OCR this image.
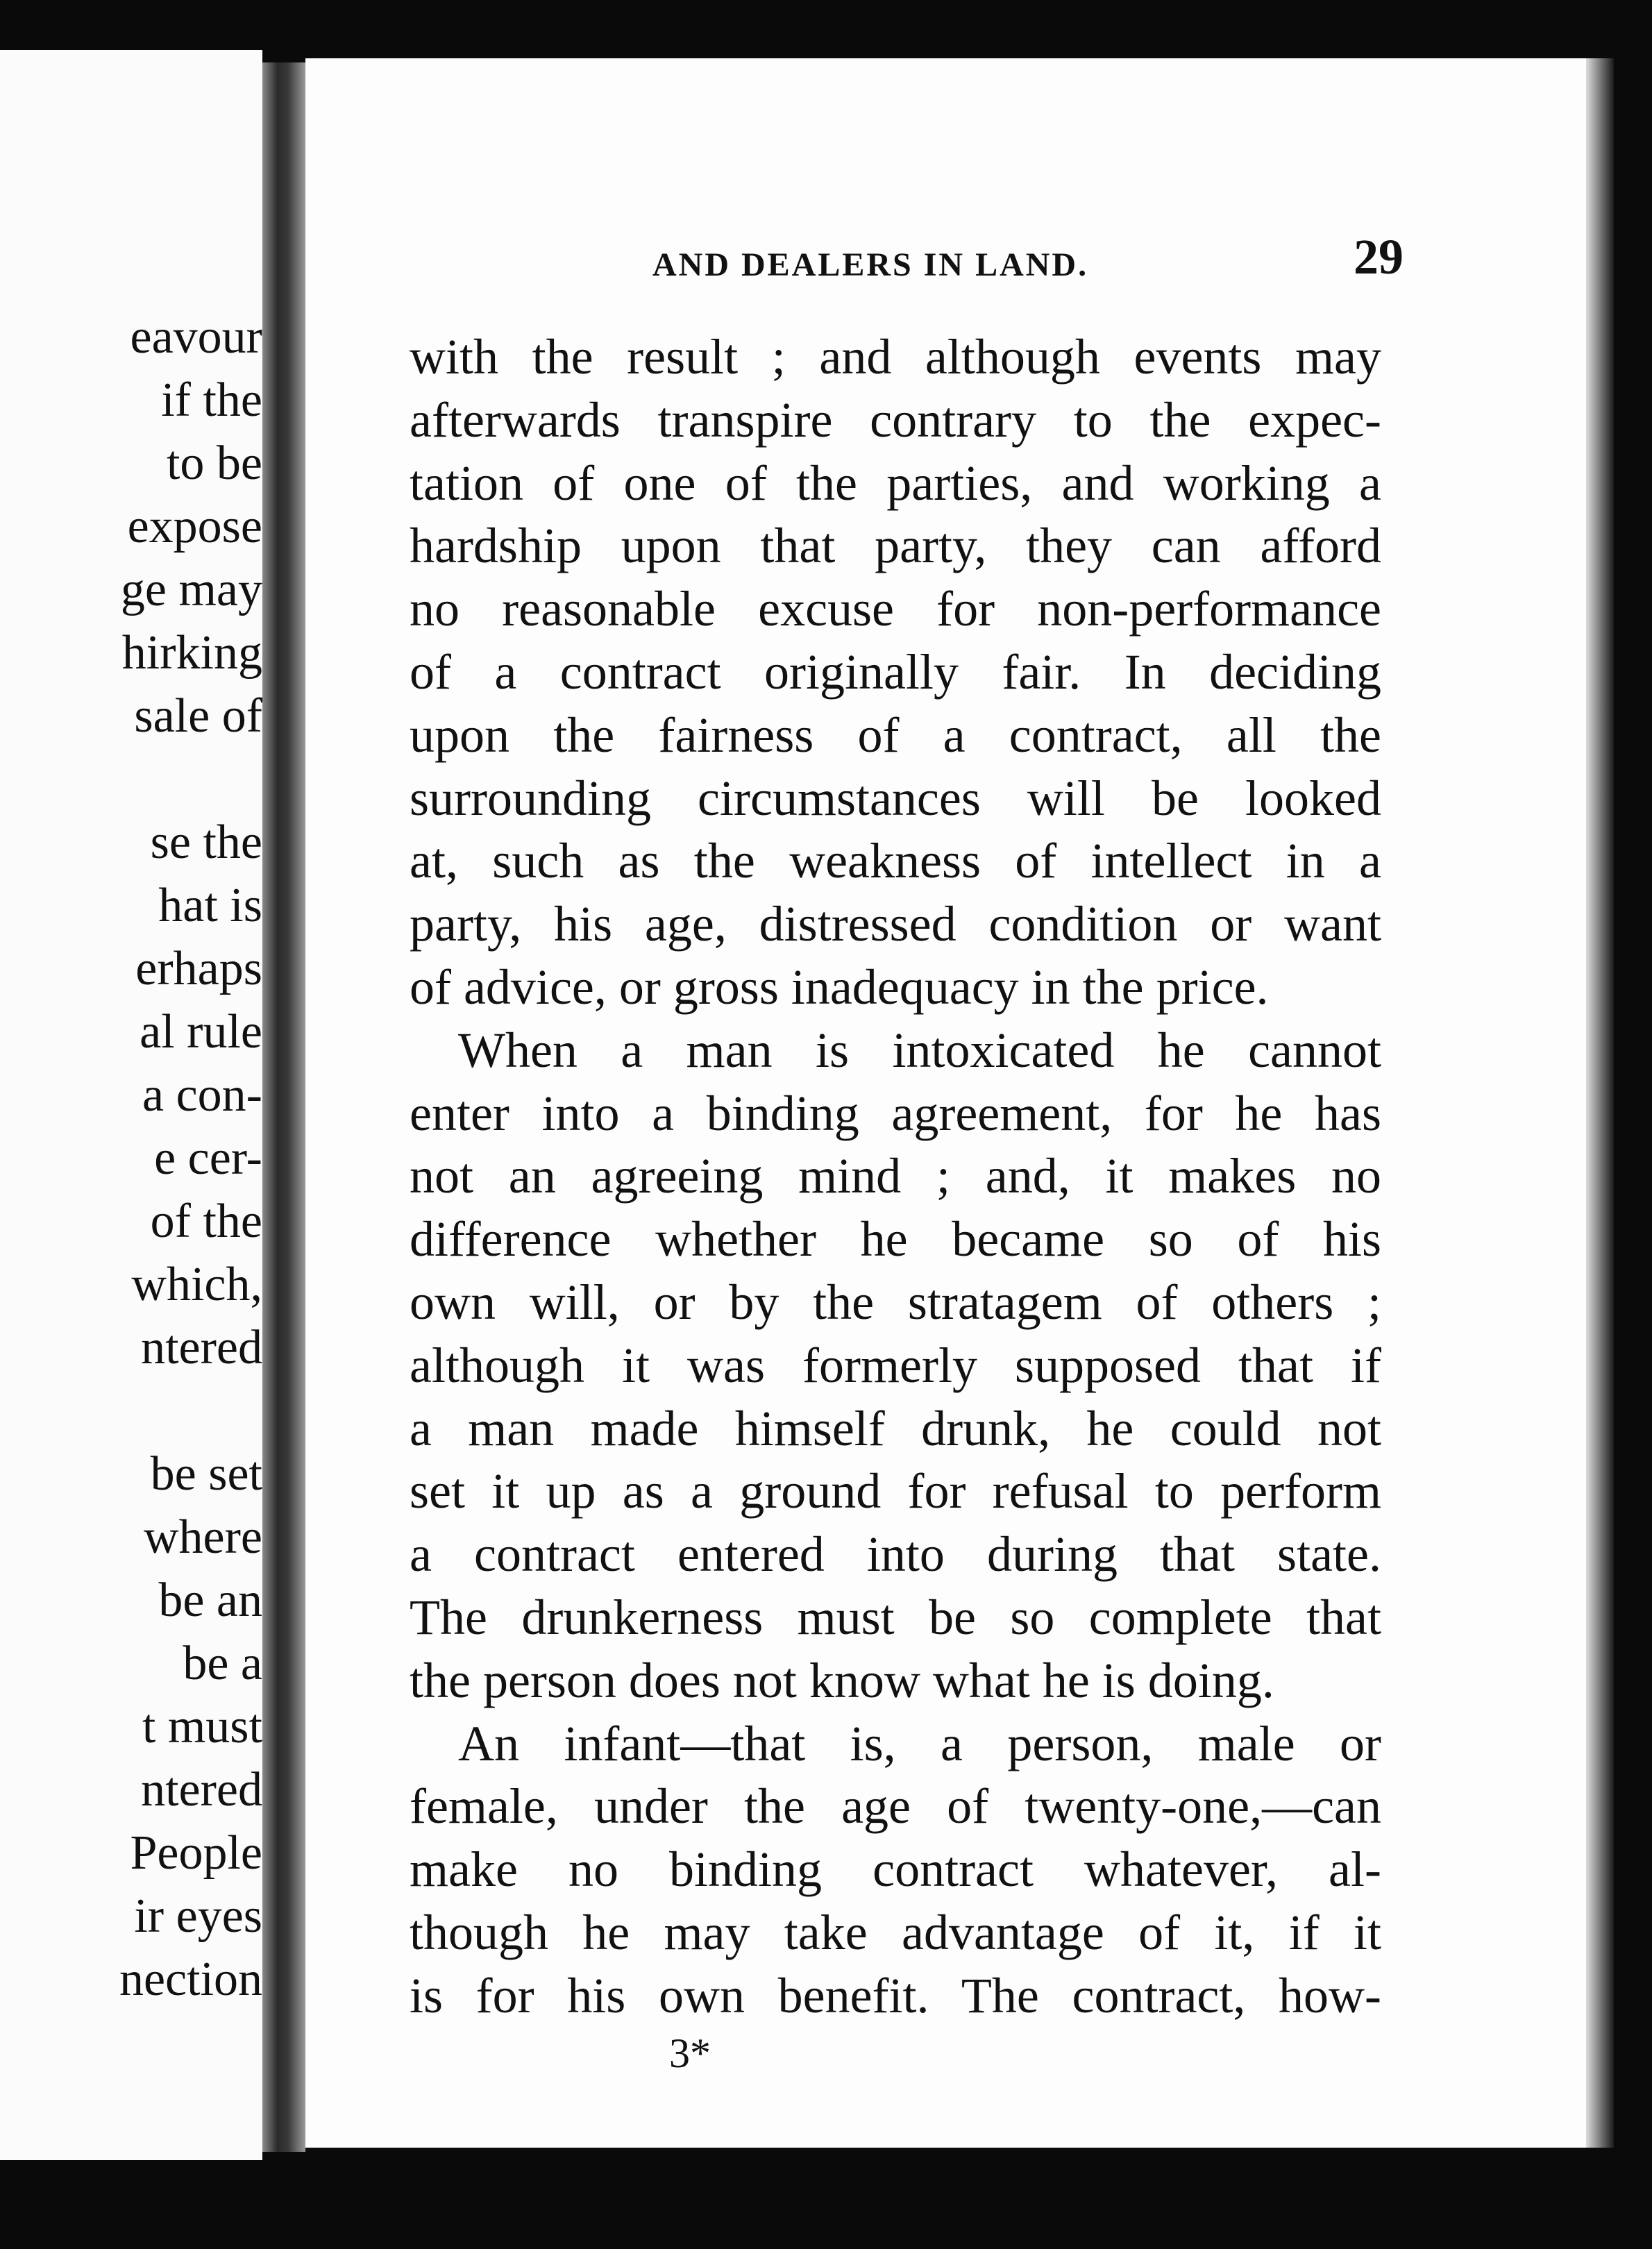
eavour
if the
to be
expose
ge may
hirking
sale of
se the
hat is
erhaps
al rule
a con-
e cer-
of the
which,
ntered
be set
where
be an
be a
t must
ntered
People
ir eyes
nection
AND DEALERS IN LAND.	29
with the result ; and although events may
afterwards transpire contrary to the expec-
tation of one of the parties, and working a
hardship upon that party, they can afford
no reasonable excuse for non-performance
of a contract originally fair. In deciding
upon the fairness of a contract, all the
surrounding circumstances will be looked
at, such as the weakness of intellect in a
party, his age, distressed condition or want
of advice, or gross inadequacy in the price.
When a man is intoxicated he cannot
enter into a binding agreement, for he has
not an agreeing mind ; and, it makes no
difference whether he became so of his
own will, or by the stratagem of others ;
although it was formerly supposed that if
a man made himself drunk, he could not
set it up as a ground for refusal to perform
a contract entered into during that state.
The drunkerness must be so complete that
the person does not know what he is doing.
An infant—that is, a person, male or
female, under the age of twenty-one,—can
make no binding contract whatever, al-
though he may take advantage of it, if it
is for his own benefit. The contract, how-
3*
